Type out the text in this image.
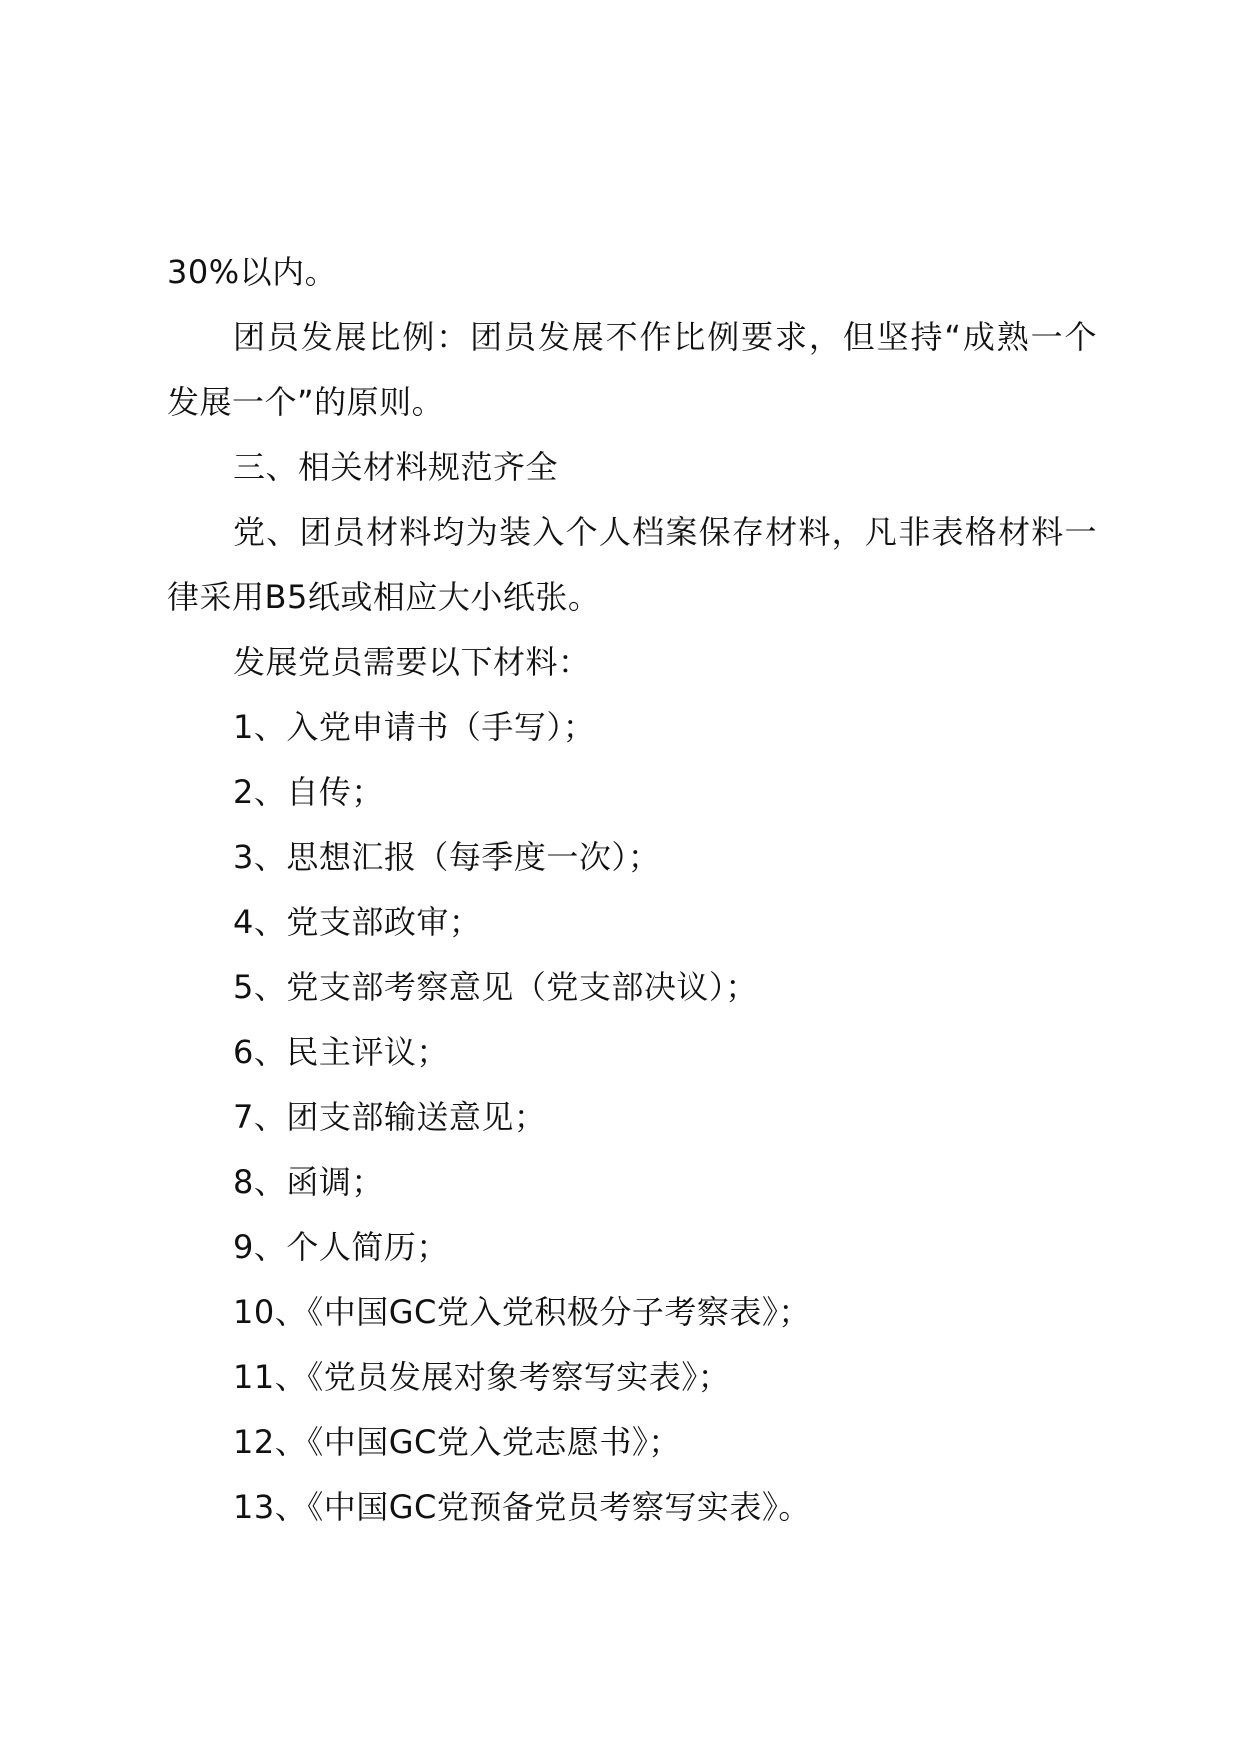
30%以内。
团员发展比例：团员发展不作比例要求，但坚持“成熟一个
发展一个”的原则。
三、相关材料规范齐全
党、团员材料均为装入个人档案保存材料，凡非表格材料一
律采用B5纸或相应大小纸张。
发展党员需要以下材料：
1、入党申请书（手写）；
2、自传；
3、思想汇报（每季度一次）；
4、党支部政审；
5、党支部考察意见（党支部决议）；
6、民主评议；
7、团支部输送意见；
8、函调；
9、个人简历；
10、《中国GC党入党积极分子考察表》；
11、《党员发展对象考察写实表》；
12、《中国GC党入党志愿书》；
13、《中国GC党预备党员考察写实表》。
